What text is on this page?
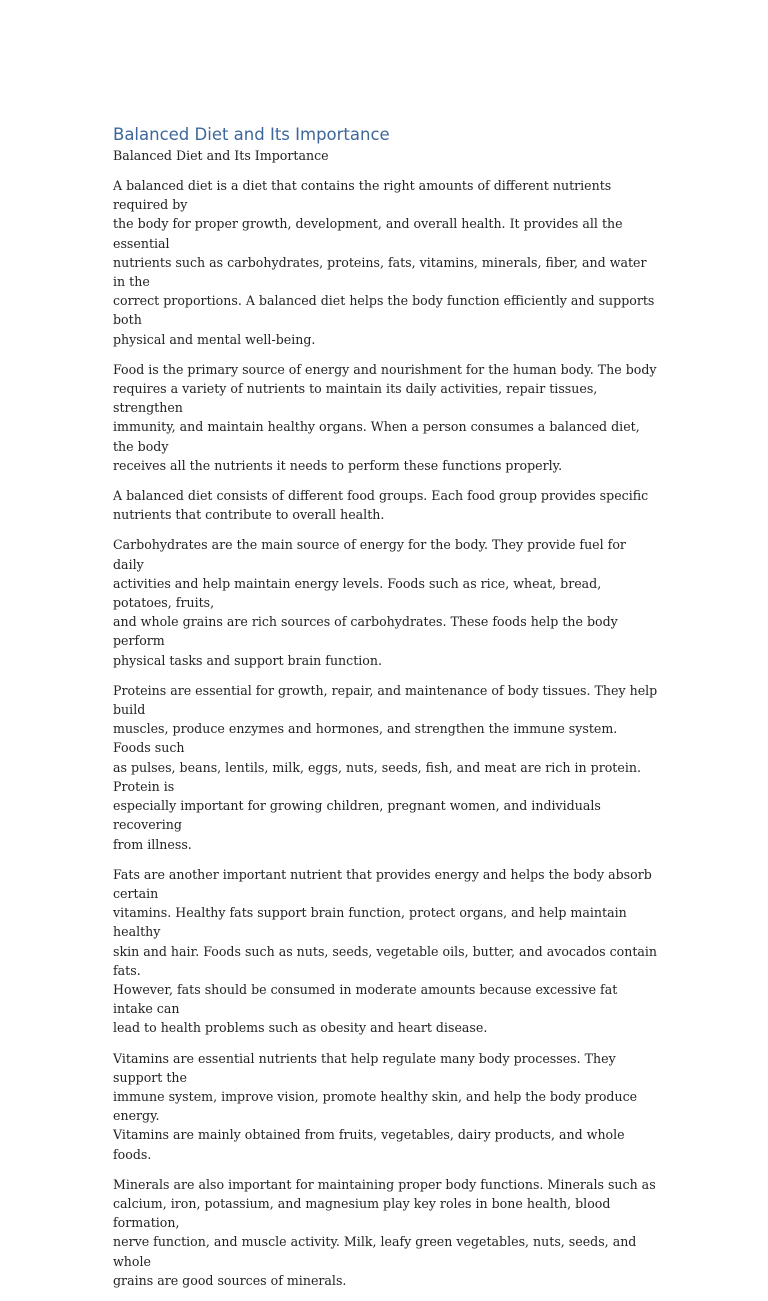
Balanced Diet and Its Importance

Balanced Diet and Its Importance

A balanced diet is a diet that contains the right amounts of different nutrients required by
the body for proper growth, development, and overall health. It provides all the essential
nutrients such as carbohydrates, proteins, fats, vitamins, minerals, fiber, and water in the
correct proportions. A balanced diet helps the body function efficiently and supports both
physical and mental well-being.

Food is the primary source of energy and nourishment for the human body. The body
requires a variety of nutrients to maintain its daily activities, repair tissues, strengthen
immunity, and maintain healthy organs. When a person consumes a balanced diet, the body
receives all the nutrients it needs to perform these functions properly.

A balanced diet consists of different food groups. Each food group provides specific
nutrients that contribute to overall health.

Carbohydrates are the main source of energy for the body. They provide fuel for daily
activities and help maintain energy levels. Foods such as rice, wheat, bread, potatoes, fruits,
and whole grains are rich sources of carbohydrates. These foods help the body perform
physical tasks and support brain function.

Proteins are essential for growth, repair, and maintenance of body tissues. They help build
muscles, produce enzymes and hormones, and strengthen the immune system. Foods such
as pulses, beans, lentils, milk, eggs, nuts, seeds, fish, and meat are rich in protein. Protein is
especially important for growing children, pregnant women, and individuals recovering
from illness.

Fats are another important nutrient that provides energy and helps the body absorb certain
vitamins. Healthy fats support brain function, protect organs, and help maintain healthy
skin and hair. Foods such as nuts, seeds, vegetable oils, butter, and avocados contain fats.
However, fats should be consumed in moderate amounts because excessive fat intake can
lead to health problems such as obesity and heart disease.

Vitamins are essential nutrients that help regulate many body processes. They support the
immune system, improve vision, promote healthy skin, and help the body produce energy.
Vitamins are mainly obtained from fruits, vegetables, dairy products, and whole foods.

Minerals are also important for maintaining proper body functions. Minerals such as
calcium, iron, potassium, and magnesium play key roles in bone health, blood formation,
nerve function, and muscle activity. Milk, leafy green vegetables, nuts, seeds, and whole
grains are good sources of minerals.
